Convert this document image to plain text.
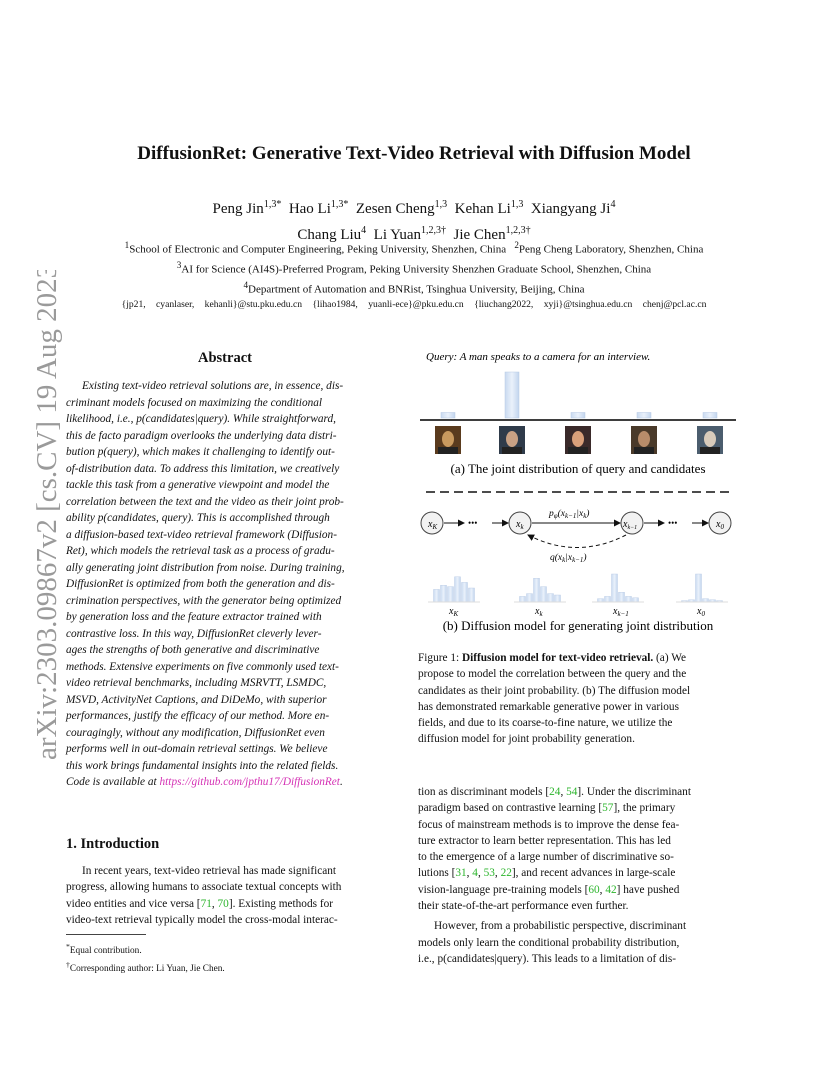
arXiv:2303.09867v2 [cs.CV] 19 Aug 2023
DiffusionRet: Generative Text-Video Retrieval with Diffusion Model
Peng Jin$^{1,3*}$ Hao $Li^{1,3*}$ Zesen Cheng$^{1,3}$ Kehan Li$^{1,3}$ Xiangyang Ji$^4$
Chang Liu$^4$ Li Yuan$^{1,2,3\dagger}$ Jie Chen$^{1,2,3\dagger}$
$^1$School of Electronic and Computer Engineering, Peking University, Shenzhen, China $^2$Peng Cheng Laboratory, Shenzhen, China
$^3$AI for Science (AI4S)-Preferred Program, Peking University Shenzhen Graduate School, Shenzhen, China
$^4$Department of Automation and BNRist, Tsinghua University, Beijing, China
{jp21, cyanlaser, kehanli}@stu.pku.edu.cn {lihao1984, yuanli-ece}@pku.edu.cn {liuchang2022, xyji}@tsinghua.edu.cn chenj@pcl.ac.cn
Abstract
Existing text-video retrieval solutions are, in essence, dis-
criminant models focused on maximizing the conditional
likelihood, i.e., p(candidates|query). While straightforward,
this de facto paradigm overlooks the underlying data distri-
bution p(query), which makes it challenging to identify out-
of-distribution data. To address this limitation, we creatively
tackle this task from a generative viewpoint and model the
correlation between the text and the video as their joint prob-
ability p(candidates, query). This is accomplished through
a diffusion-based text-video retrieval framework (Diffusion-
Ret), which models the retrieval task as a process of gradu-
ally generating joint distribution from noise. During training,
DiffusionRet is optimized from both the generation and dis-
crimination perspectives, with the generator being optimized
by generation loss and the feature extractor trained with
contrastive loss. In this way, DiffusionRet cleverly lever-
ages the strengths of both generative and discriminative
methods. Extensive experiments on five commonly used text-
video retrieval benchmarks, including MSRVTT, LSMDC,
MSVD, ActivityNet Captions, and DiDeMo, with superior
performances, justify the efficacy of our method. More en-
couragingly, without any modification, DiffusionRet even
performs well in out-domain retrieval settings. We believe
this work brings fundamental insights into the related fields.
Code is available at https://github.com/jpthu17/DiffusionRet.
1. Introduction
In recent years, text-video retrieval has made significant
progress, allowing humans to associate textual concepts with
video entities and vice versa [71, 70]. Existing methods for
video-text retrieval typically model the cross-modal interac-
*Equal contribution.
†Corresponding author: Li Yuan, Jie Chen.
Query: A man speaks to a camera for an interview.
(a) The joint distribution of query and candidates
$x_K$	•••	$x_k$
$p_\varphi(x_{k-1}|x_k)$
$x_{k-1}$	•••	$x_0$
$q(x_k|x_{k-1})$
$x_K$	$x_k$	$x_{k-1}$	$x_0$
(b) Diffusion model for generating joint distribution
Figure 1: Diffusion model for text-video retrieval. (a) We
propose to model the correlation between the query and the
candidates as their joint probability. (b) The diffusion model
has demonstrated remarkable generative power in various
fields, and due to its coarse-to-fine nature, we utilize the
diffusion model for joint probability generation.
tion as discriminant models [24, 54]. Under the discriminant
paradigm based on contrastive learning [57], the primary
focus of mainstream methods is to improve the dense fea-
ture extractor to learn better representation. This has led
to the emergence of a large number of discriminative so-
lutions [31, 4, 53, 22], and recent advances in large-scale
vision-language pre-training models [60, 42] have pushed
their state-of-the-art performance even further.
However, from a probabilistic perspective, discriminant
models only learn the conditional probability distribution,
i.e., p(candidates|query). This leads to a limitation of dis-
